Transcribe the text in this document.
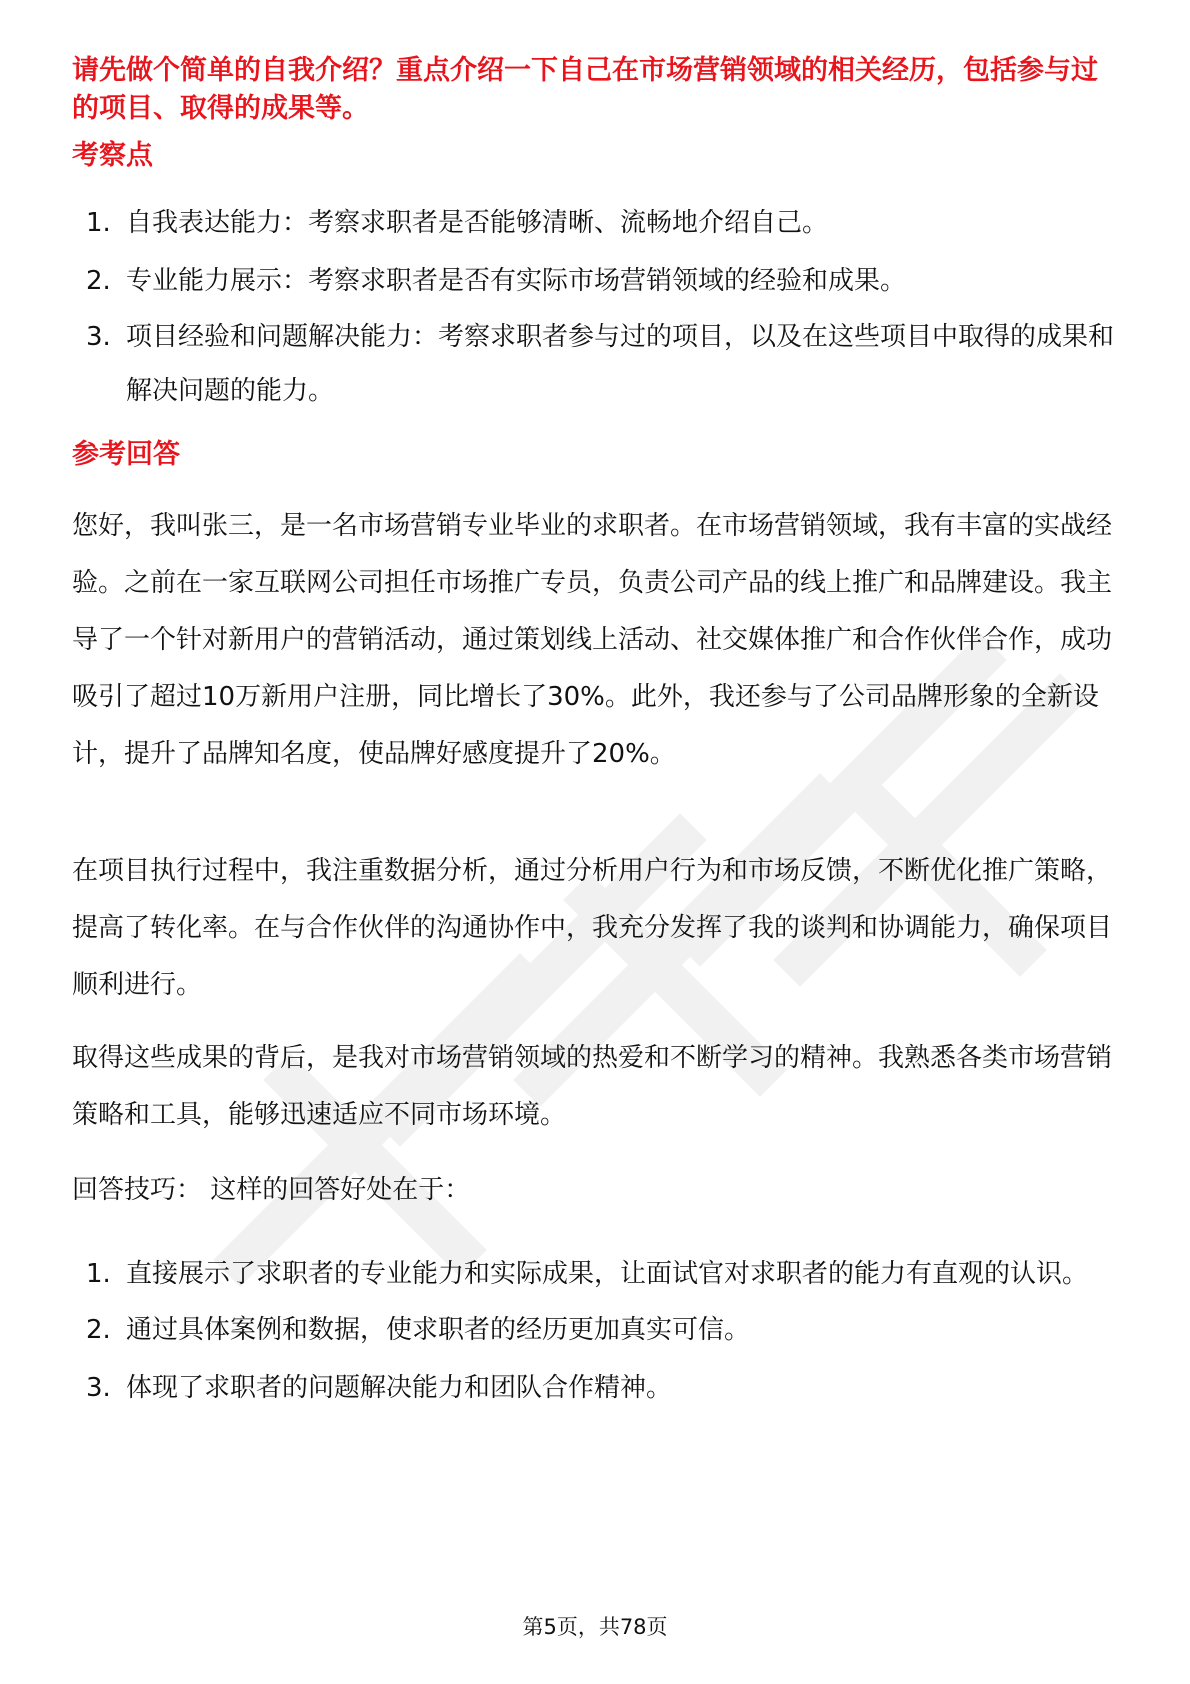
请先做个简单的自我介绍？重点介绍一下自己在市场营销领域的相关经历，包括参与过的项目、取得的成果等。

考察点
1. 自我表达能力：考察求职者是否能够清晰、流畅地介绍自己。
2. 专业能力展示：考察求职者是否有实际市场营销领域的经验和成果。
3. 项目经验和问题解决能力：考察求职者参与过的项目，以及在这些项目中取得的成果和解决问题的能力。
参考回答

您好，我叫张三，是一名市场营销专业毕业的求职者。在市场营销领域，我有丰富的实战经验。之前在一家互联网公司担任市场推广专员，负责公司产品的线上推广和品牌建设。我主导了一个针对新用户的营销活动，通过策划线上活动、社交媒体推广和合作伙伴合作，成功吸引了超过10万新用户注册，同比增长了30%。此外，我还参与了公司品牌形象的全新设计，提升了品牌知名度，使品牌好感度提升了20%。

在项目执行过程中，我注重数据分析，通过分析用户行为和市场反馈，不断优化推广策略，提高了转化率。在与合作伙伴的沟通协作中，我充分发挥了我的谈判和协调能力，确保项目顺利进行。

取得这些成果的背后，是我对市场营销领域的热爱和不断学习的精神。我熟悉各类市场营销策略和工具，能够迅速适应不同市场环境。

回答技巧： 这样的回答好处在于：

1. 直接展示了求职者的专业能力和实际成果，让面试官对求职者的能力有直观的认识。
2. 通过具体案例和数据，使求职者的经历更加真实可信。
3. 体现了求职者的问题解决能力和团队合作精神。
第5页，共78页
